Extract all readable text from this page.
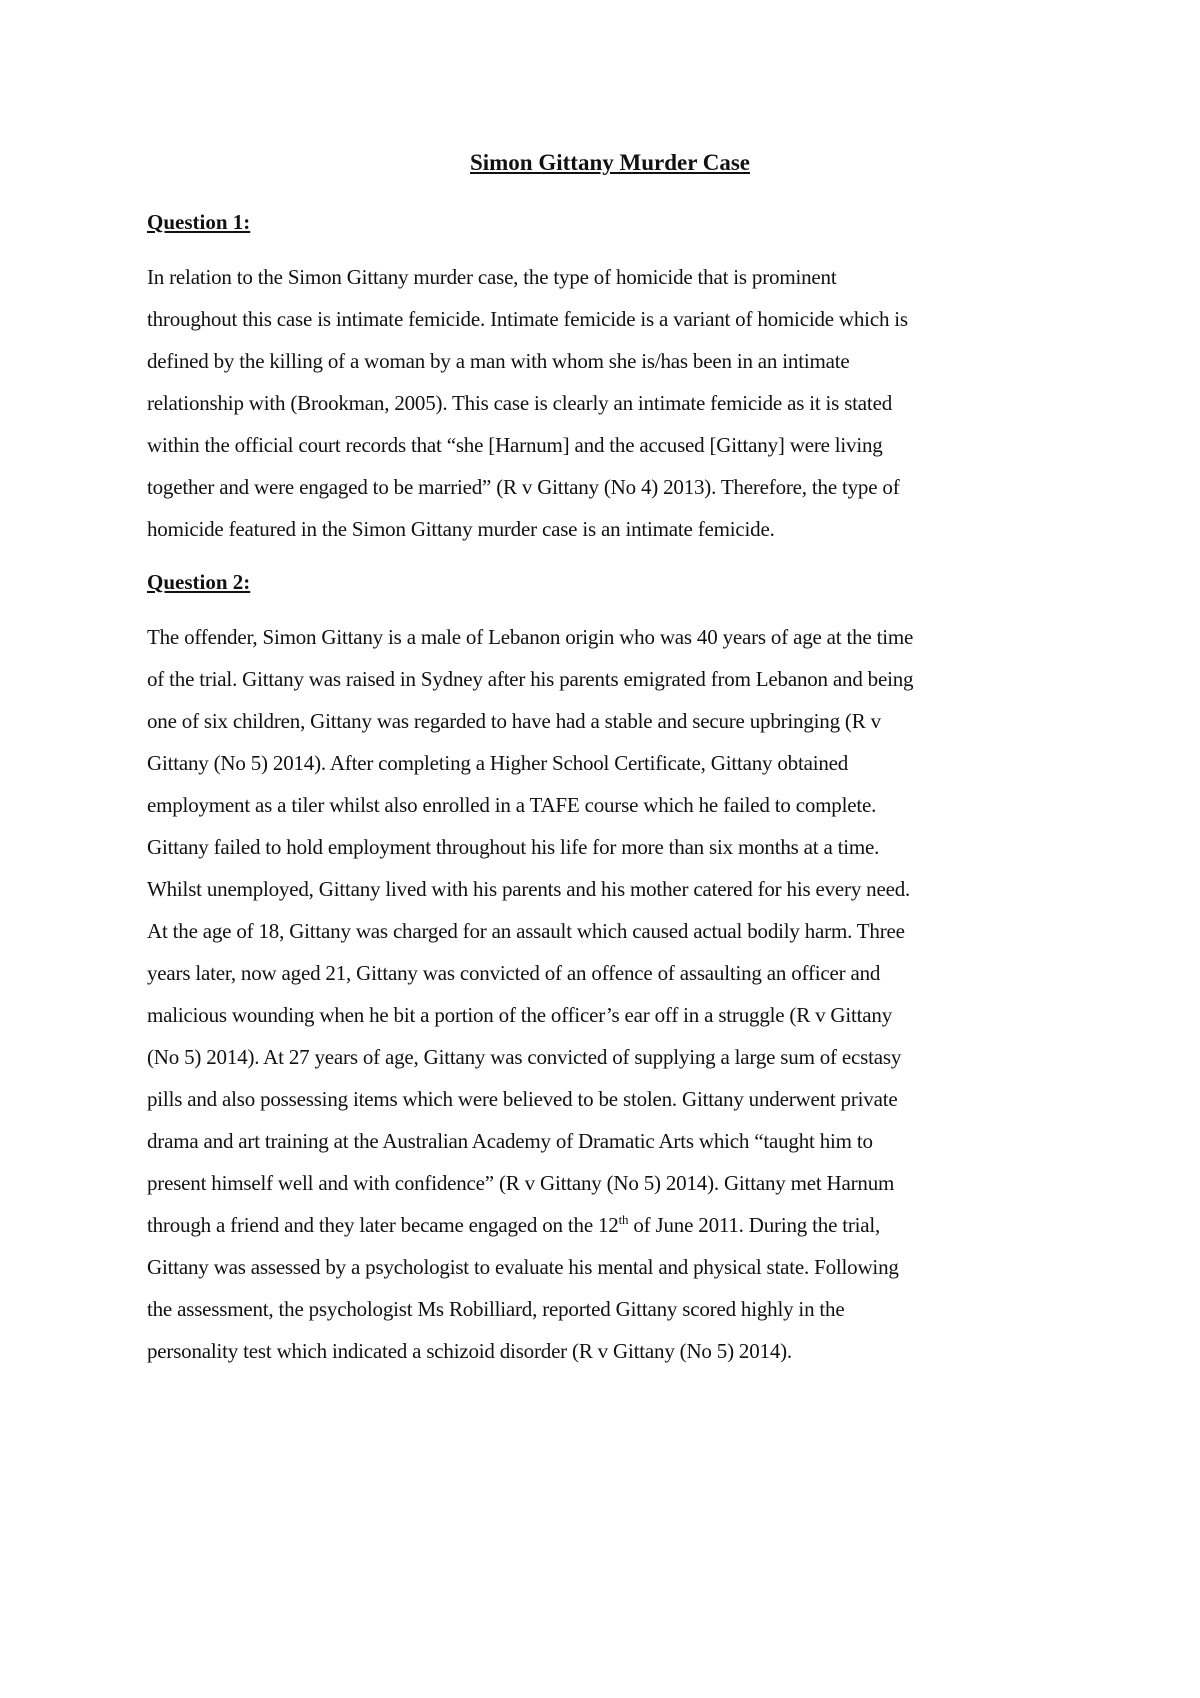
Simon Gittany Murder Case
Question 1:
In relation to the Simon Gittany murder case, the type of homicide that is prominent
throughout this case is intimate femicide. Intimate femicide is a variant of homicide which is
defined by the killing of a woman by a man with whom she is/has been in an intimate
relationship with (Brookman, 2005). This case is clearly an intimate femicide as it is stated
within the official court records that “she [Harnum] and the accused [Gittany] were living
together and were engaged to be married” (R v Gittany (No 4) 2013). Therefore, the type of
homicide featured in the Simon Gittany murder case is an intimate femicide.
Question 2:
The offender, Simon Gittany is a male of Lebanon origin who was 40 years of age at the time
of the trial. Gittany was raised in Sydney after his parents emigrated from Lebanon and being
one of six children, Gittany was regarded to have had a stable and secure upbringing (R v
Gittany (No 5) 2014). After completing a Higher School Certificate, Gittany obtained
employment as a tiler whilst also enrolled in a TAFE course which he failed to complete.
Gittany failed to hold employment throughout his life for more than six months at a time.
Whilst unemployed, Gittany lived with his parents and his mother catered for his every need.
At the age of 18, Gittany was charged for an assault which caused actual bodily harm. Three
years later, now aged 21, Gittany was convicted of an offence of assaulting an officer and
malicious wounding when he bit a portion of the officer’s ear off in a struggle (R v Gittany
(No 5) 2014). At 27 years of age, Gittany was convicted of supplying a large sum of ecstasy
pills and also possessing items which were believed to be stolen. Gittany underwent private
drama and art training at the Australian Academy of Dramatic Arts which “taught him to
present himself well and with confidence” (R v Gittany (No 5) 2014). Gittany met Harnum
through a friend and they later became engaged on the 12th of June 2011. During the trial,
Gittany was assessed by a psychologist to evaluate his mental and physical state. Following
the assessment, the psychologist Ms Robilliard, reported Gittany scored highly in the
personality test which indicated a schizoid disorder (R v Gittany (No 5) 2014).
